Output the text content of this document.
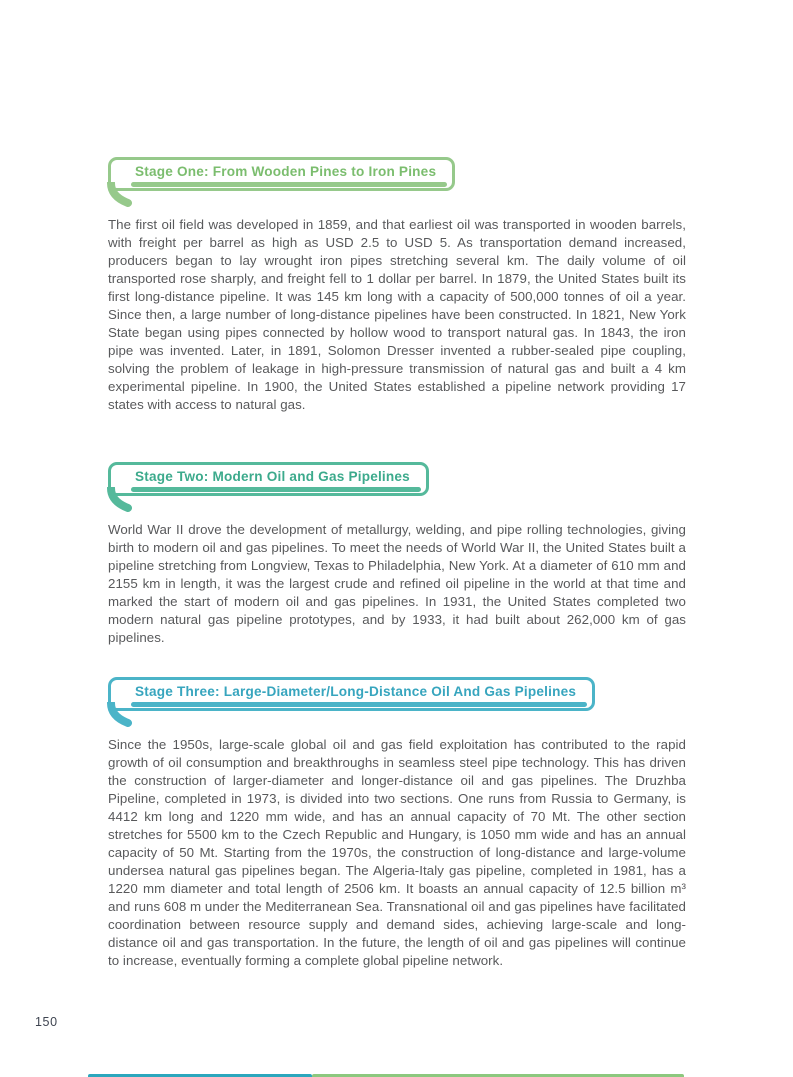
Stage One: From Wooden Pines to Iron Pines

The first oil field was developed in 1859, and that earliest oil was transported in wooden barrels, with freight per barrel as high as USD 2.5 to USD 5. As transportation demand increased, producers began to lay wrought iron pipes stretching several km. The daily volume of oil transported rose sharply, and freight fell to 1 dollar per barrel. In 1879, the United States built its first long-distance pipeline. It was 145 km long with a capacity of 500,000 tonnes of oil a year. Since then, a large number of long-distance pipelines have been constructed. In 1821, New York State began using pipes connected by hollow wood to transport natural gas. In 1843, the iron pipe was invented. Later, in 1891, Solomon Dresser invented a rubber-sealed pipe coupling, solving the problem of leakage in high-pressure transmission of natural gas and built a 4 km experimental pipeline. In 1900, the United States established a pipeline network providing 17 states with access to natural gas.

Stage Two: Modern Oil and Gas Pipelines

World War II drove the development of metallurgy, welding, and pipe rolling technologies, giving birth to modern oil and gas pipelines. To meet the needs of World War II, the United States built a pipeline stretching from Longview, Texas to Philadelphia, New York. At a diameter of 610 mm and 2155 km in length, it was the largest crude and refined oil pipeline in the world at that time and marked the start of modern oil and gas pipelines. In 1931, the United States completed two modern natural gas pipeline prototypes, and by 1933, it had built about 262,000 km of gas pipelines.

Stage Three: Large-Diameter/Long-Distance Oil And Gas Pipelines

Since the 1950s, large-scale global oil and gas field exploitation has contributed to the rapid growth of oil consumption and breakthroughs in seamless steel pipe technology. This has driven the construction of larger-diameter and longer-distance oil and gas pipelines. The Druzhba Pipeline, completed in 1973, is divided into two sections. One runs from Russia to Germany, is 4412 km long and 1220 mm wide, and has an annual capacity of 70 Mt. The other section stretches for 5500 km to the Czech Republic and Hungary, is 1050 mm wide and has an annual capacity of 50 Mt. Starting from the 1970s, the construction of long-distance and large-volume undersea natural gas pipelines began. The Algeria-Italy gas pipeline, completed in 1981, has a 1220 mm diameter and total length of 2506 km. It boasts an annual capacity of 12.5 billion m³ and runs 608 m under the Mediterranean Sea. Transnational oil and gas pipelines have facilitated coordination between resource supply and demand sides, achieving large-scale and long-distance oil and gas transportation. In the future, the length of oil and gas pipelines will continue to increase, eventually forming a complete global pipeline network.

150
